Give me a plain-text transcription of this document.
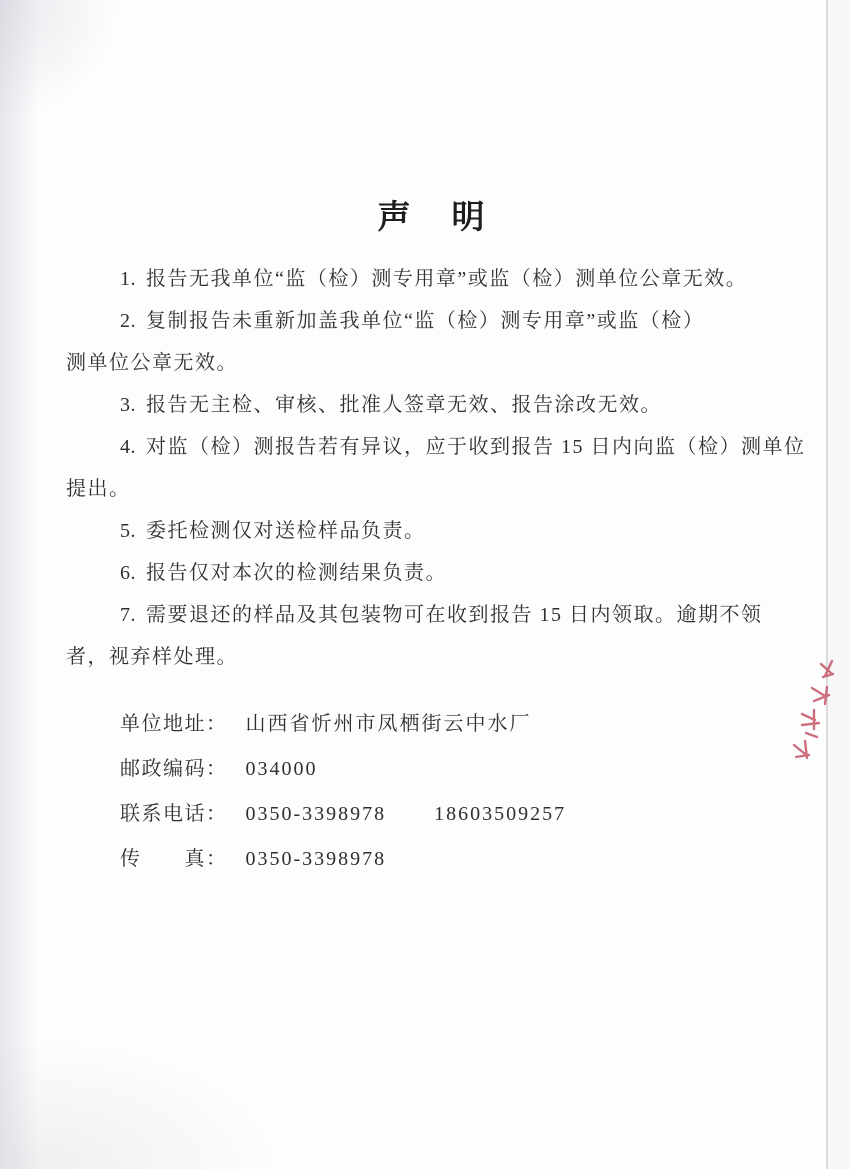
声　明

1. 报告无我单位“监（检）测专用章”或监（检）测单位公章无效。

2. 复制报告未重新加盖我单位“监（检）测专用章”或监（检）
测单位公章无效。

3. 报告无主检、审核、批准人签章无效、报告涂改无效。

4. 对监（检）测报告若有异议，应于收到报告 15 日内向监（检）测单位
提出。

5. 委托检测仅对送检样品负责。

6. 报告仅对本次的检测结果负责。

7. 需要退还的样品及其包装物可在收到报告 15 日内领取。逾期不领
者，视弃样处理。

单位地址： 山西省忻州市凤栖街云中水厂
邮政编码： 034000
联系电话： 0350-3398978 18603509257
传　　真： 0350-3398978
